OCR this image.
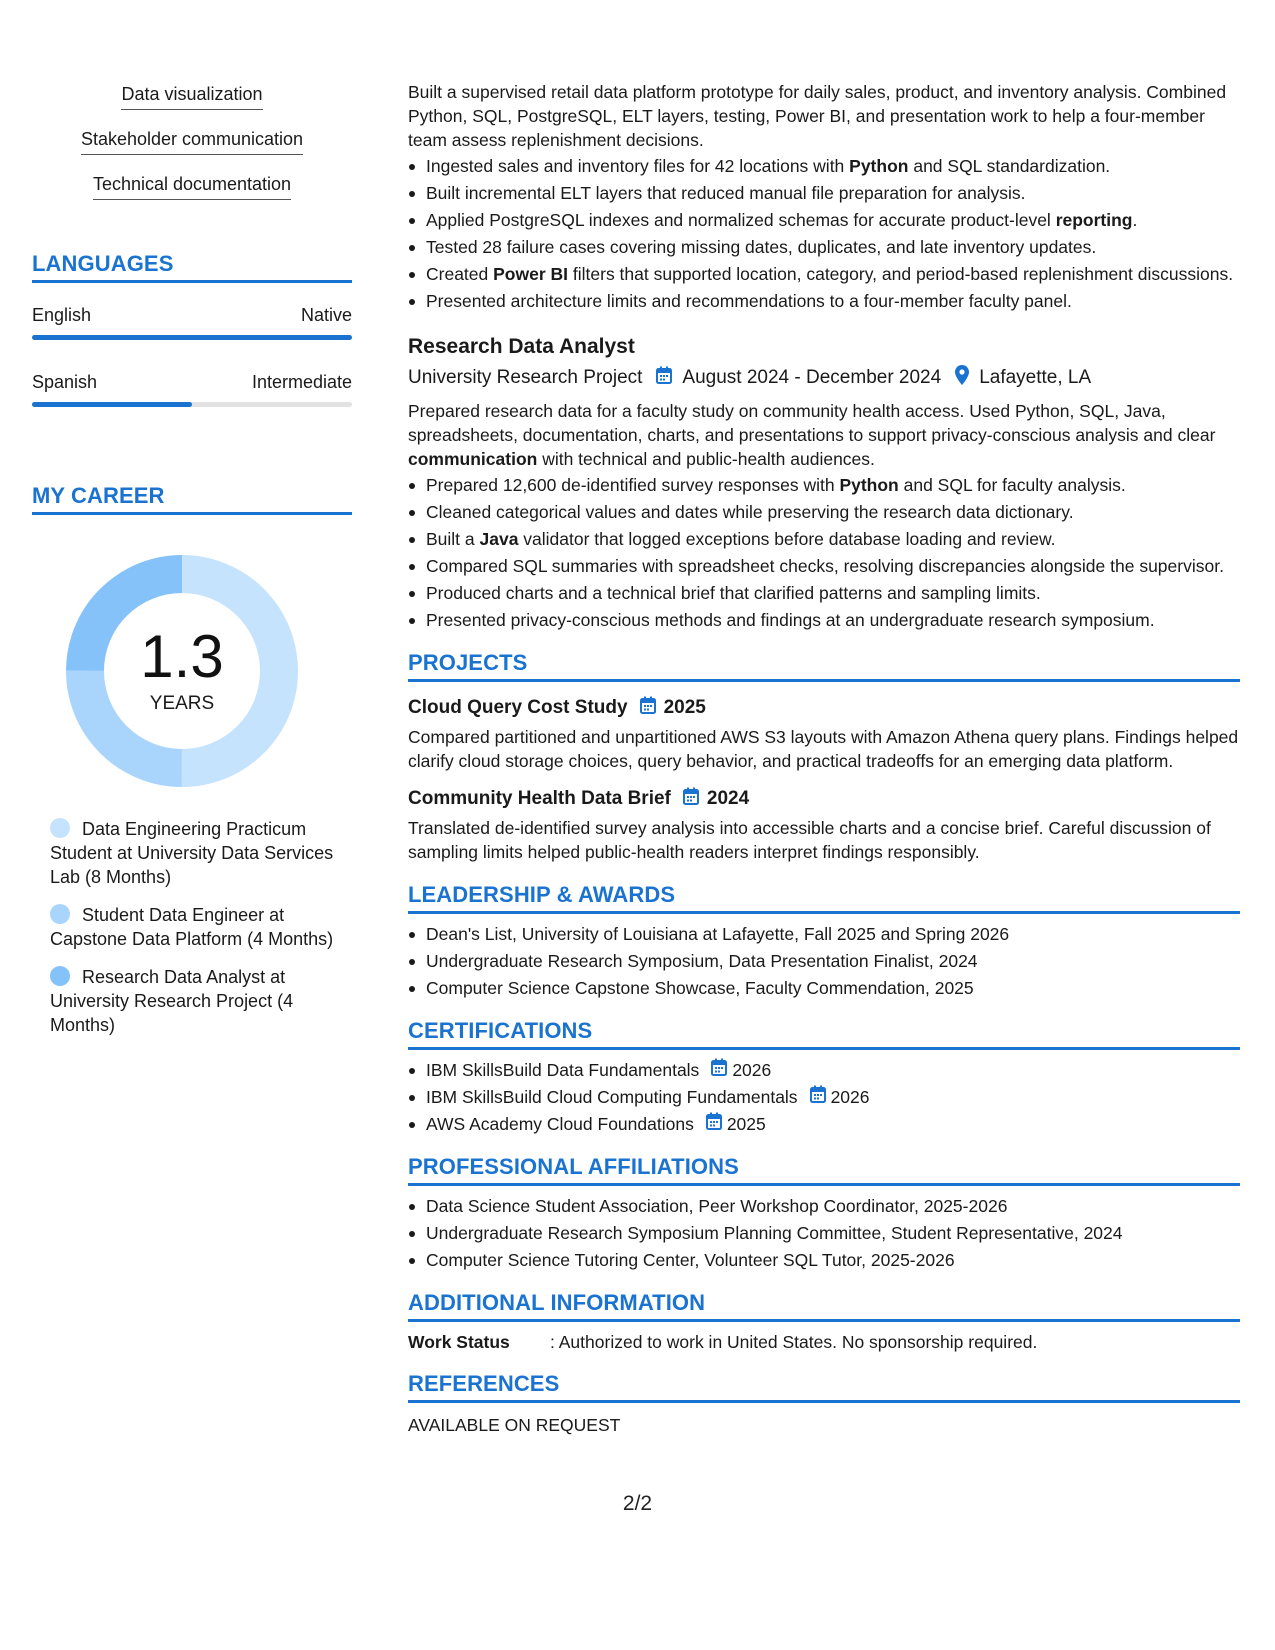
Data visualization
Stakeholder communication
Technical documentation
LANGUAGES
English	Native
Spanish	Intermediate
MY CAREER
1.3
YEARS
Data Engineering Practicum Student at University Data Services Lab (8 Months)
Student Data Engineer at Capstone Data Platform (4 Months)
Research Data Analyst at University Research Project (4 Months)
Built a supervised retail data platform prototype for daily sales, product, and inventory analysis. Combined Python, SQL, PostgreSQL, ELT layers, testing, Power BI, and presentation work to help a four-member team assess replenishment decisions.
Ingested sales and inventory files for 42 locations with Python and SQL standardization.
Built incremental ELT layers that reduced manual file preparation for analysis.
Applied PostgreSQL indexes and normalized schemas for accurate product-level reporting.
Tested 28 failure cases covering missing dates, duplicates, and late inventory updates.
Created Power BI filters that supported location, category, and period-based replenishment discussions.
Presented architecture limits and recommendations to a four-member faculty panel.
Research Data Analyst
University Research Project August 2024 - December 2024 Lafayette, LA
Prepared research data for a faculty study on community health access. Used Python, SQL, Java, spreadsheets, documentation, charts, and presentations to support privacy-conscious analysis and clear communication with technical and public-health audiences.
Prepared 12,600 de-identified survey responses with Python and SQL for faculty analysis.
Cleaned categorical values and dates while preserving the research data dictionary.
Built a Java validator that logged exceptions before database loading and review.
Compared SQL summaries with spreadsheet checks, resolving discrepancies alongside the supervisor.
Produced charts and a technical brief that clarified patterns and sampling limits.
Presented privacy-conscious methods and findings at an undergraduate research symposium.
PROJECTS
Cloud Query Cost Study 2025
Compared partitioned and unpartitioned AWS S3 layouts with Amazon Athena query plans. Findings helped clarify cloud storage choices, query behavior, and practical tradeoffs for an emerging data platform.
Community Health Data Brief 2024
Translated de-identified survey analysis into accessible charts and a concise brief. Careful discussion of sampling limits helped public-health readers interpret findings responsibly.
LEADERSHIP & AWARDS
Dean's List, University of Louisiana at Lafayette, Fall 2025 and Spring 2026
Undergraduate Research Symposium, Data Presentation Finalist, 2024
Computer Science Capstone Showcase, Faculty Commendation, 2025
CERTIFICATIONS
IBM SkillsBuild Data Fundamentals 2026
IBM SkillsBuild Cloud Computing Fundamentals 2026
AWS Academy Cloud Foundations 2025
PROFESSIONAL AFFILIATIONS
Data Science Student Association, Peer Workshop Coordinator, 2025-2026
Undergraduate Research Symposium Planning Committee, Student Representative, 2024
Computer Science Tutoring Center, Volunteer SQL Tutor, 2025-2026
ADDITIONAL INFORMATION
Work Status	: Authorized to work in United States. No sponsorship required.
REFERENCES
AVAILABLE ON REQUEST
2/2
